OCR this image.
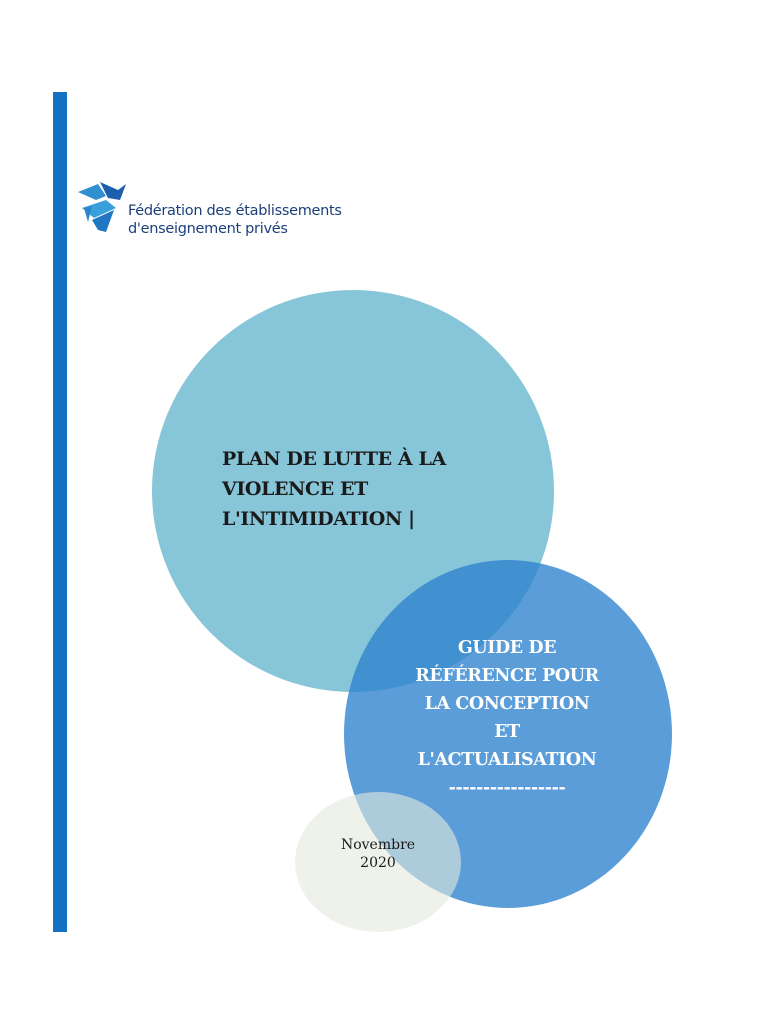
Fédération des établissements
d'enseignement privés
PLAN DE LUTTE À LA
VIOLENCE ET
L'INTIMIDATION |
GUIDE DE
RÉFÉRENCE POUR
LA CONCEPTION
ET
L'ACTUALISATION
-----------------
Novembre
2020
